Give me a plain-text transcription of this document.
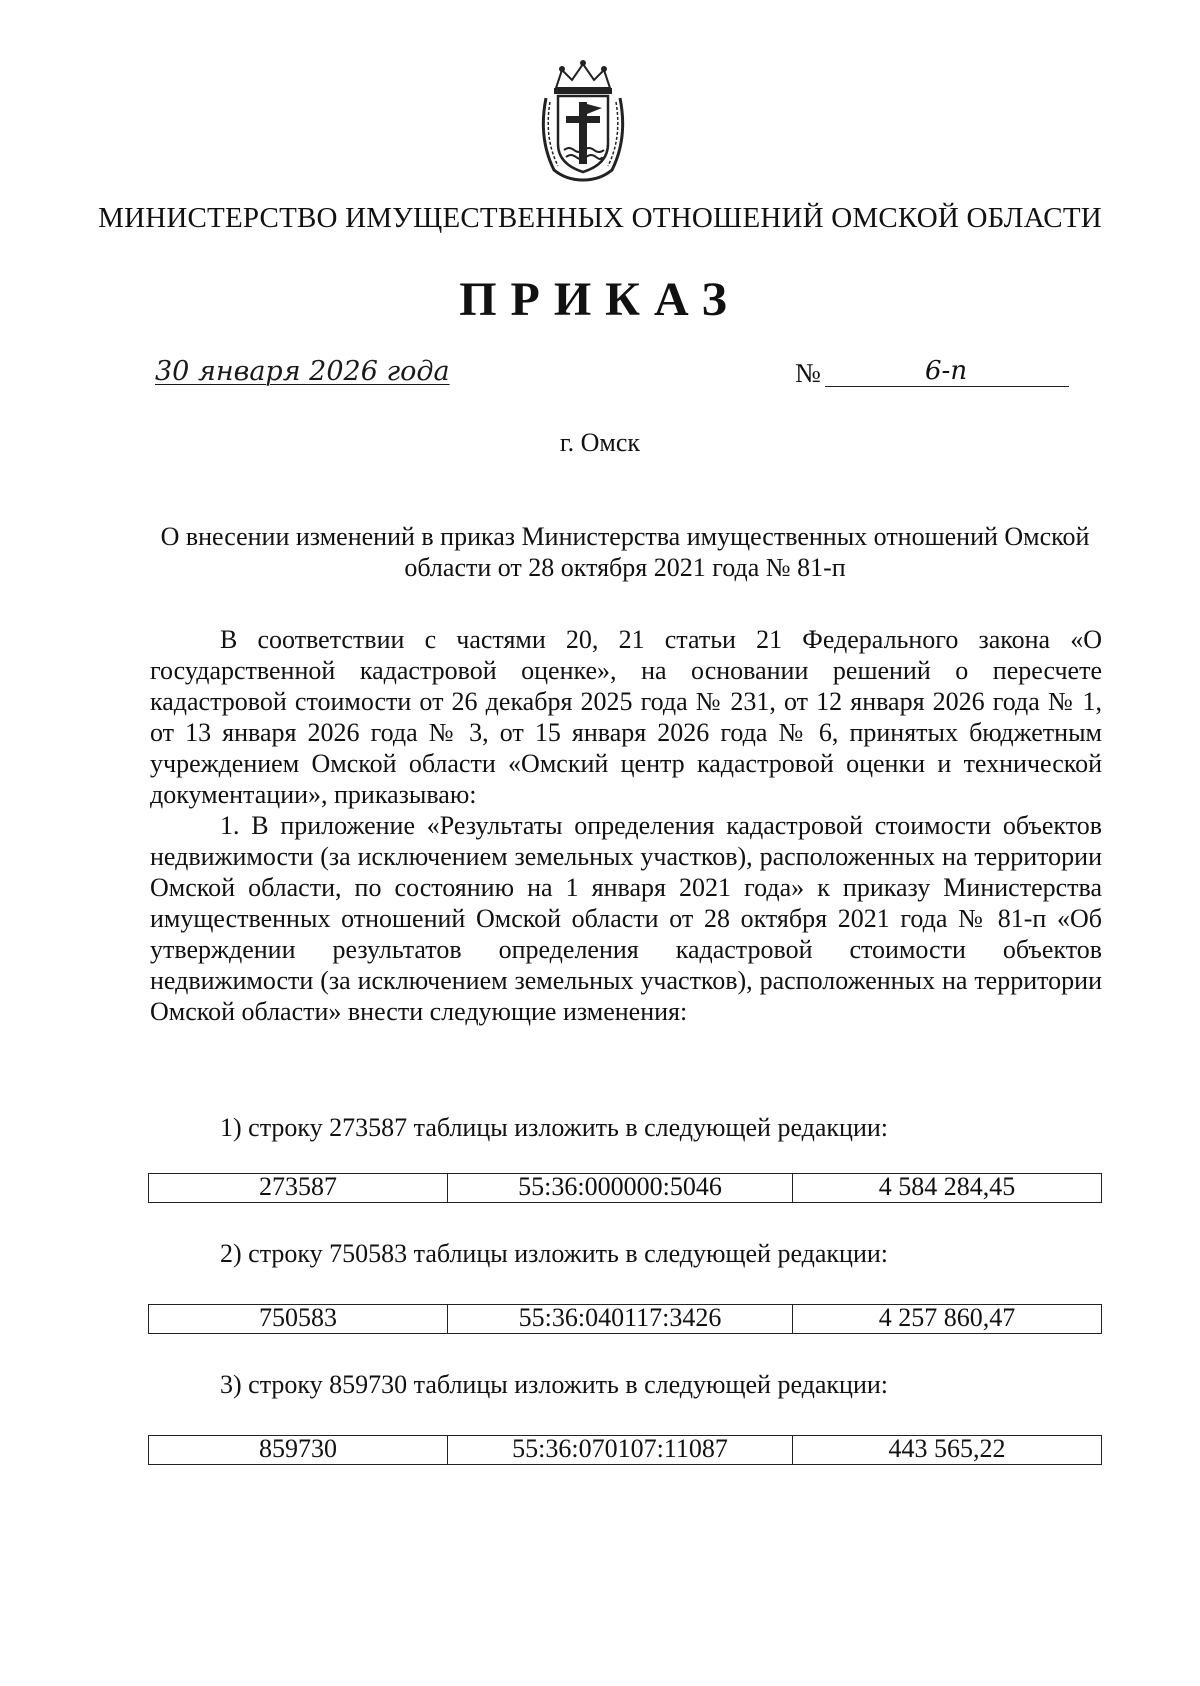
МИНИСТЕРСТВО ИМУЩЕСТВЕННЫХ ОТНОШЕНИЙ ОМСКОЙ ОБЛАСТИ
ПРИКАЗ
30 января 2026 года	№	6-п
г. Омск
О внесении изменений в приказ Министерства имущественных отношений Омской области от 28 октября 2021 года № 81-п

В соответствии с частями 20, 21 статьи 21 Федерального закона «О государственной кадастровой оценке», на основании решений о пересчете кадастровой стоимости от 26 декабря 2025 года № 231, от 12 января 2026 года № 1, от 13 января 2026 года № 3, от 15 января 2026 года № 6, принятых бюджетным учреждением Омской области «Омский центр кадастровой оценки и технической документации», приказываю:

1. В приложение «Результаты определения кадастровой стоимости объектов недвижимости (за исключением земельных участков), расположенных на территории Омской области, по состоянию на 1 января 2021 года» к приказу Министерства имущественных отношений Омской области от 28 октября 2021 года № 81-п «Об утверждении результатов определения кадастровой стоимости объектов недвижимости (за исключением земельных участков), расположенных на территории Омской области» внести следующие изменения:

1) строку 273587 таблицы изложить в следующей редакции:
273587	55:36:000000:5046	4 584 284,45
2) строку 750583 таблицы изложить в следующей редакции:
750583	55:36:040117:3426	4 257 860,47
3) строку 859730 таблицы изложить в следующей редакции:
859730	55:36:070107:11087	443 565,22
